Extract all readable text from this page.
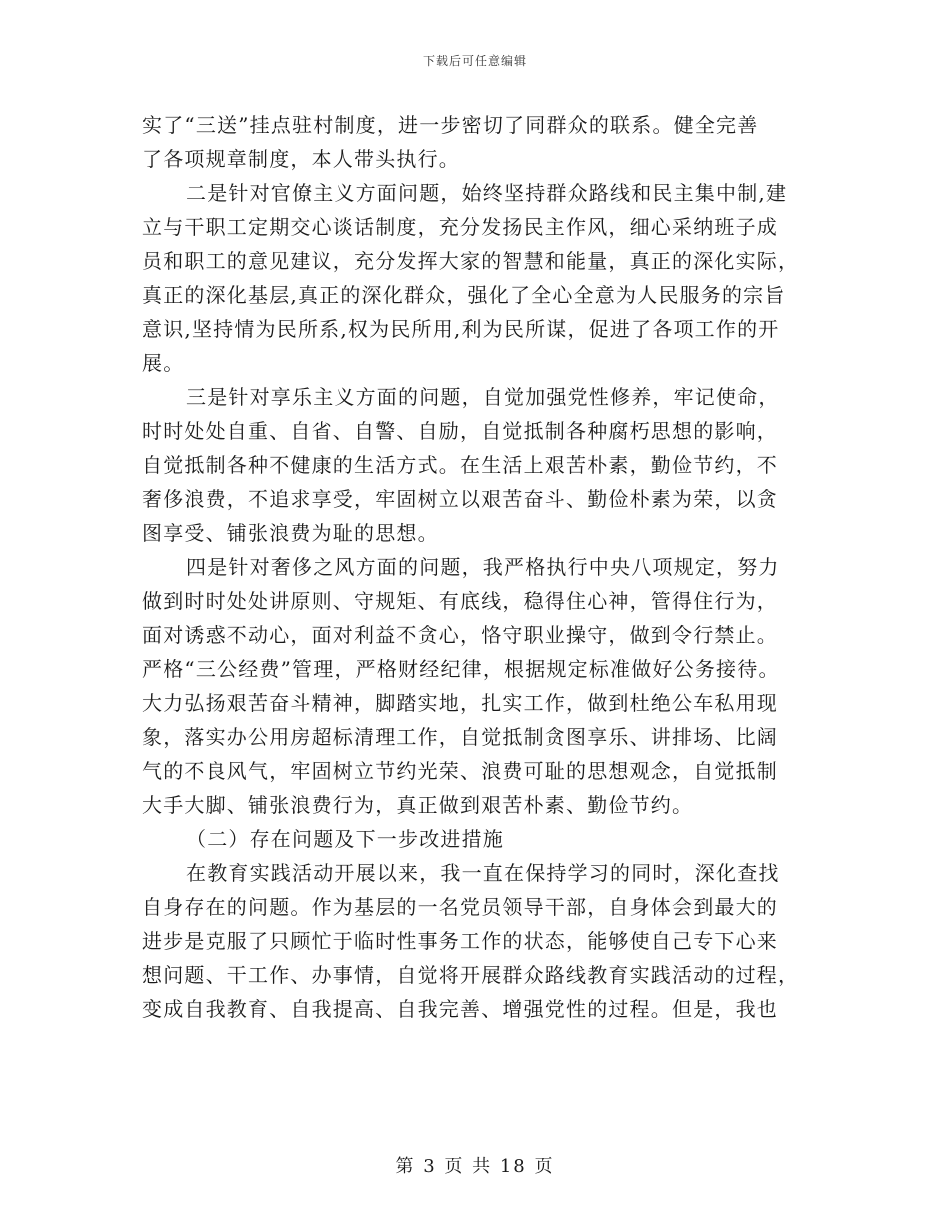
下载后可任意编辑
实了“三送”挂点驻村制度，进一步密切了同群众的联系。健全完善
了各项规章制度，本人带头执行。
二是针对官僚主义方面问题，始终坚持群众路线和民主集中制,建
立与干职工定期交心谈话制度，充分发扬民主作风，细心采纳班子成
员和职工的意见建议，充分发挥大家的智慧和能量，真正的深化实际，
真正的深化基层,真正的深化群众，强化了全心全意为人民服务的宗旨
意识,坚持情为民所系,权为民所用,利为民所谋，促进了各项工作的开
展。
三是针对享乐主义方面的问题，自觉加强党性修养，牢记使命，
时时处处自重、自省、自警、自励，自觉抵制各种腐朽思想的影响，
自觉抵制各种不健康的生活方式。在生活上艰苦朴素，勤俭节约，不
奢侈浪费，不追求享受，牢固树立以艰苦奋斗、勤俭朴素为荣，以贪
图享受、铺张浪费为耻的思想。
四是针对奢侈之风方面的问题，我严格执行中央八项规定，努力
做到时时处处讲原则、守规矩、有底线，稳得住心神，管得住行为，
面对诱惑不动心，面对利益不贪心，恪守职业操守，做到令行禁止。
严格“三公经费”管理，严格财经纪律，根据规定标准做好公务接待。
大力弘扬艰苦奋斗精神，脚踏实地，扎实工作，做到杜绝公车私用现
象，落实办公用房超标清理工作，自觉抵制贪图享乐、讲排场、比阔
气的不良风气，牢固树立节约光荣、浪费可耻的思想观念，自觉抵制
大手大脚、铺张浪费行为，真正做到艰苦朴素、勤俭节约。
（二）存在问题及下一步改进措施
在教育实践活动开展以来，我一直在保持学习的同时，深化查找
自身存在的问题。作为基层的一名党员领导干部，自身体会到最大的
进步是克服了只顾忙于临时性事务工作的状态，能够使自己专下心来
想问题、干工作、办事情，自觉将开展群众路线教育实践活动的过程，
变成自我教育、自我提高、自我完善、增强党性的过程。但是，我也
第 3 页 共 18 页
